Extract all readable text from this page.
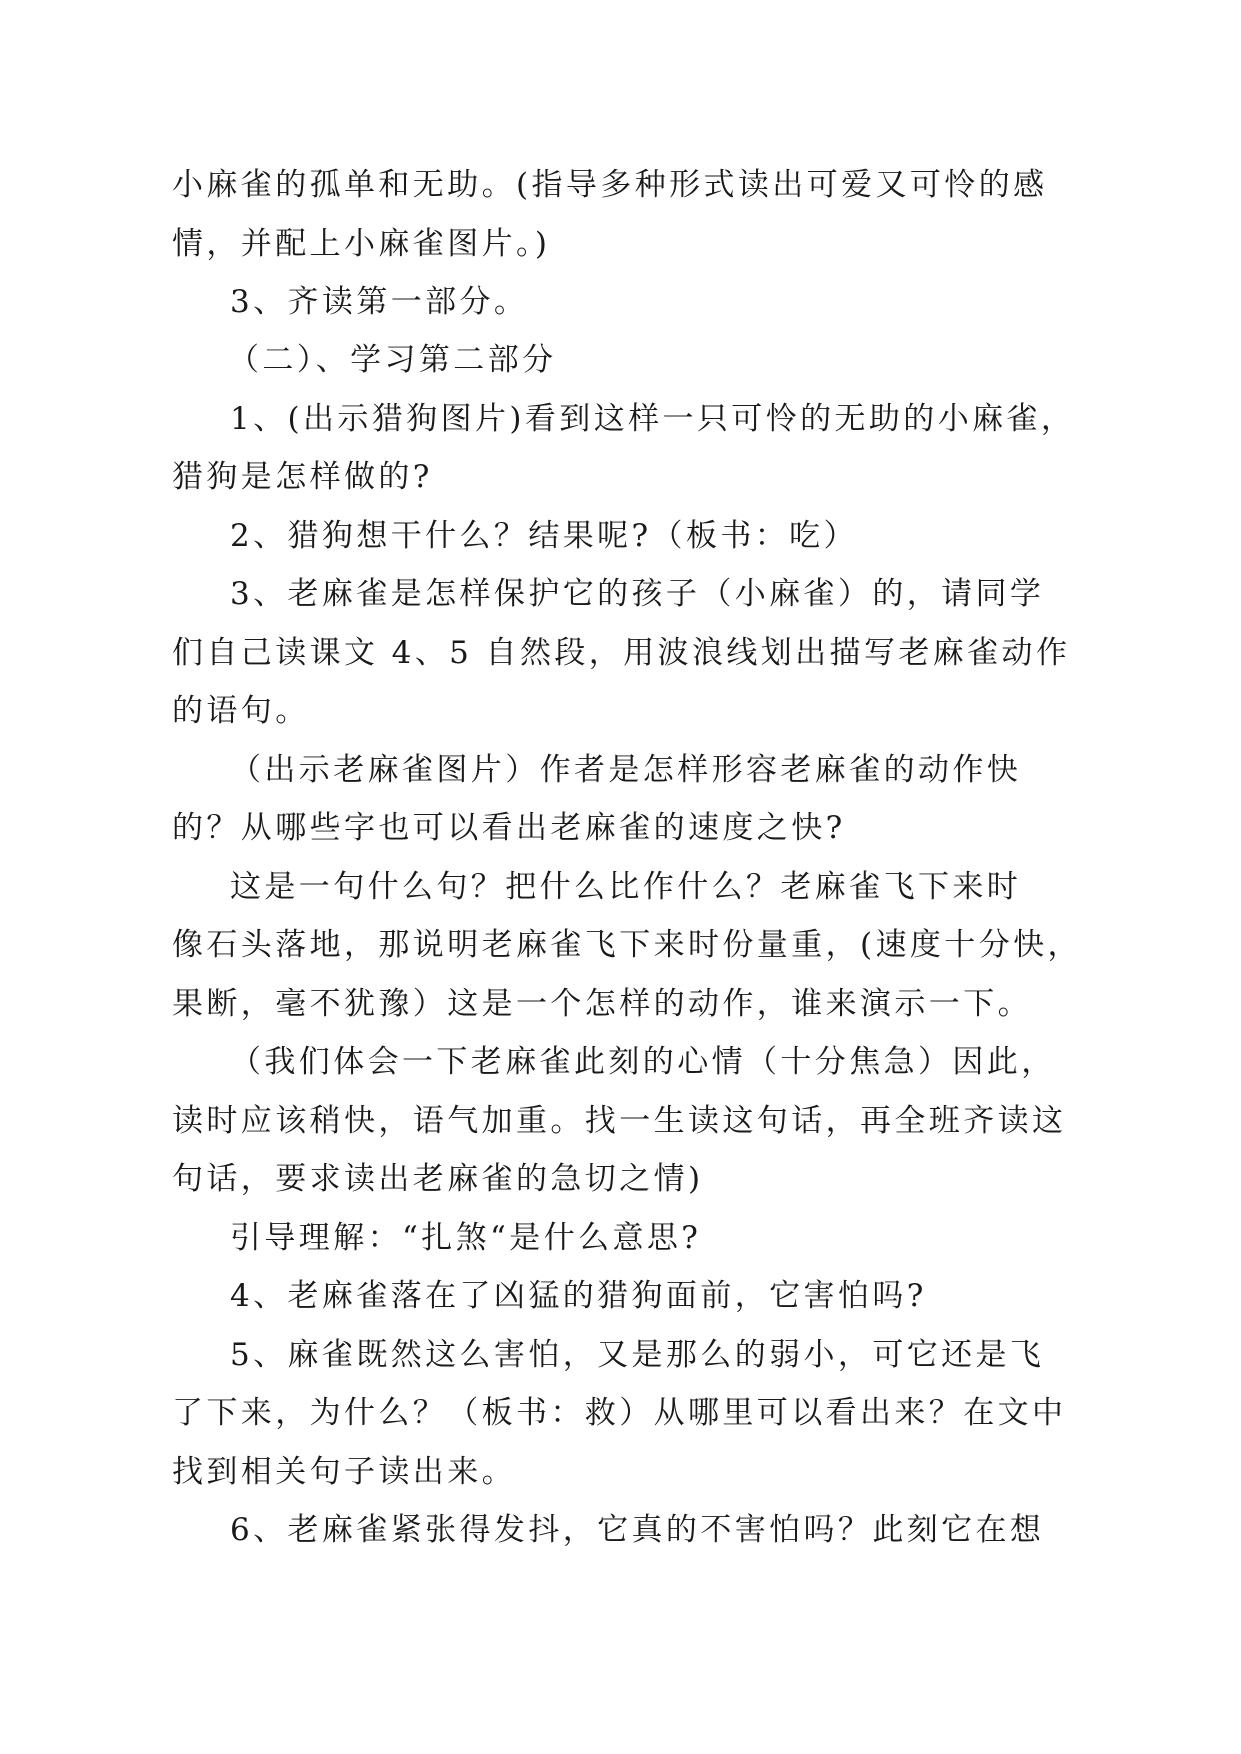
小麻雀的孤单和无助。(指导多种形式读出可爱又可怜的感
情，并配上小麻雀图片。)
3、齐读第一部分。
（二）、学习第二部分
1、(出示猎狗图片)看到这样一只可怜的无助的小麻雀，
猎狗是怎样做的?
2、猎狗想干什么？结果呢?（板书：吃）
3、老麻雀是怎样保护它的孩子（小麻雀）的，请同学
们自己读课文 4、5 自然段，用波浪线划出描写老麻雀动作
的语句。
（出示老麻雀图片）作者是怎样形容老麻雀的动作快
的？从哪些字也可以看出老麻雀的速度之快?
这是一句什么句？把什么比作什么？老麻雀飞下来时
像石头落地，那说明老麻雀飞下来时份量重，(速度十分快，
果断，毫不犹豫）这是一个怎样的动作，谁来演示一下。
（我们体会一下老麻雀此刻的心情（十分焦急）因此，
读时应该稍快，语气加重。找一生读这句话，再全班齐读这
句话，要求读出老麻雀的急切之情)
引导理解：“扎煞“是什么意思?
4、老麻雀落在了凶猛的猎狗面前，它害怕吗?
5、麻雀既然这么害怕，又是那么的弱小，可它还是飞
了下来，为什么？（板书：救）从哪里可以看出来？在文中
找到相关句子读出来。
6、老麻雀紧张得发抖，它真的不害怕吗？此刻它在想
